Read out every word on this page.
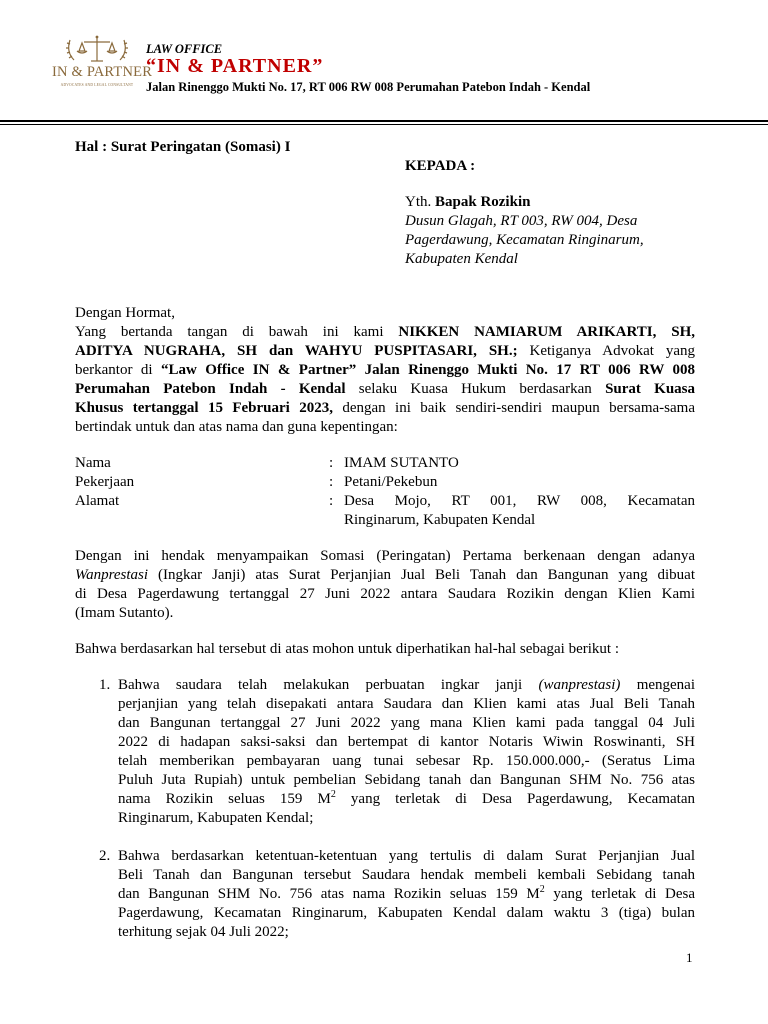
IN & PARTNER
ADVOCATES AND LEGAL CONSULTANT
LAW OFFICE
“IN & PARTNER”
Jalan Rinenggo Mukti No. 17, RT 006 RW 008 Perumahan Patebon Indah - Kendal
Hal : Surat Peringatan (Somasi) I
KEPADA :
Yth. Bapak Rozikin
Dusun Glagah, RT 003, RW 004, Desa
Pagerdawung, Kecamatan Ringinarum,
Kabupaten Kendal
Dengan Hormat,
Yang bertanda tangan di bawah ini kami NIKKEN NAMIARUM ARIKARTI, SH,
ADITYA NUGRAHA, SH dan WAHYU PUSPITASARI, SH.; Ketiganya Advokat yang
berkantor di “Law Office IN & Partner” Jalan Rinenggo Mukti No. 17 RT 006 RW 008
Perumahan Patebon Indah - Kendal selaku Kuasa Hukum berdasarkan Surat Kuasa
Khusus tertanggal 15 Februari 2023, dengan ini baik sendiri-sendiri maupun bersama-sama
bertindak untuk dan atas nama dan guna kepentingan:
Nama	: IMAM SUTANTO
Pekerjaan	: Petani/Pekebun
Alamat	: Desa Mojo, RT 001, RW 008, Kecamatan
Ringinarum, Kabupaten Kendal
Dengan ini hendak menyampaikan Somasi (Peringatan) Pertama berkenaan dengan adanya
Wanprestasi (Ingkar Janji) atas Surat Perjanjian Jual Beli Tanah dan Bangunan yang dibuat
di Desa Pagerdawung tertanggal 27 Juni 2022 antara Saudara Rozikin dengan Klien Kami
(Imam Sutanto).
Bahwa berdasarkan hal tersebut di atas mohon untuk diperhatikan hal-hal sebagai berikut :
1. Bahwa saudara telah melakukan perbuatan ingkar janji (wanprestasi) mengenai
perjanjian yang telah disepakati antara Saudara dan Klien kami atas Jual Beli Tanah
dan Bangunan tertanggal 27 Juni 2022 yang mana Klien kami pada tanggal 04 Juli
2022 di hadapan saksi-saksi dan bertempat di kantor Notaris Wiwin Roswinanti, SH
telah memberikan pembayaran uang tunai sebesar Rp. 150.000.000,- (Seratus Lima
Puluh Juta Rupiah) untuk pembelian Sebidang tanah dan Bangunan SHM No. 756 atas
nama Rozikin seluas 159 $M^2$ yang terletak di Desa Pagerdawung, Kecamatan
Ringinarum, Kabupaten Kendal;
2. Bahwa berdasarkan ketentuan-ketentuan yang tertulis di dalam Surat Perjanjian Jual
Beli Tanah dan Bangunan tersebut Saudara hendak membeli kembali Sebidang tanah
dan Bangunan SHM No. 756 atas nama Rozikin seluas 159 $M^2$ yang terletak di Desa
Pagerdawung, Kecamatan Ringinarum, Kabupaten Kendal dalam waktu 3 (tiga) bulan
terhitung sejak 04 Juli 2022;
1
